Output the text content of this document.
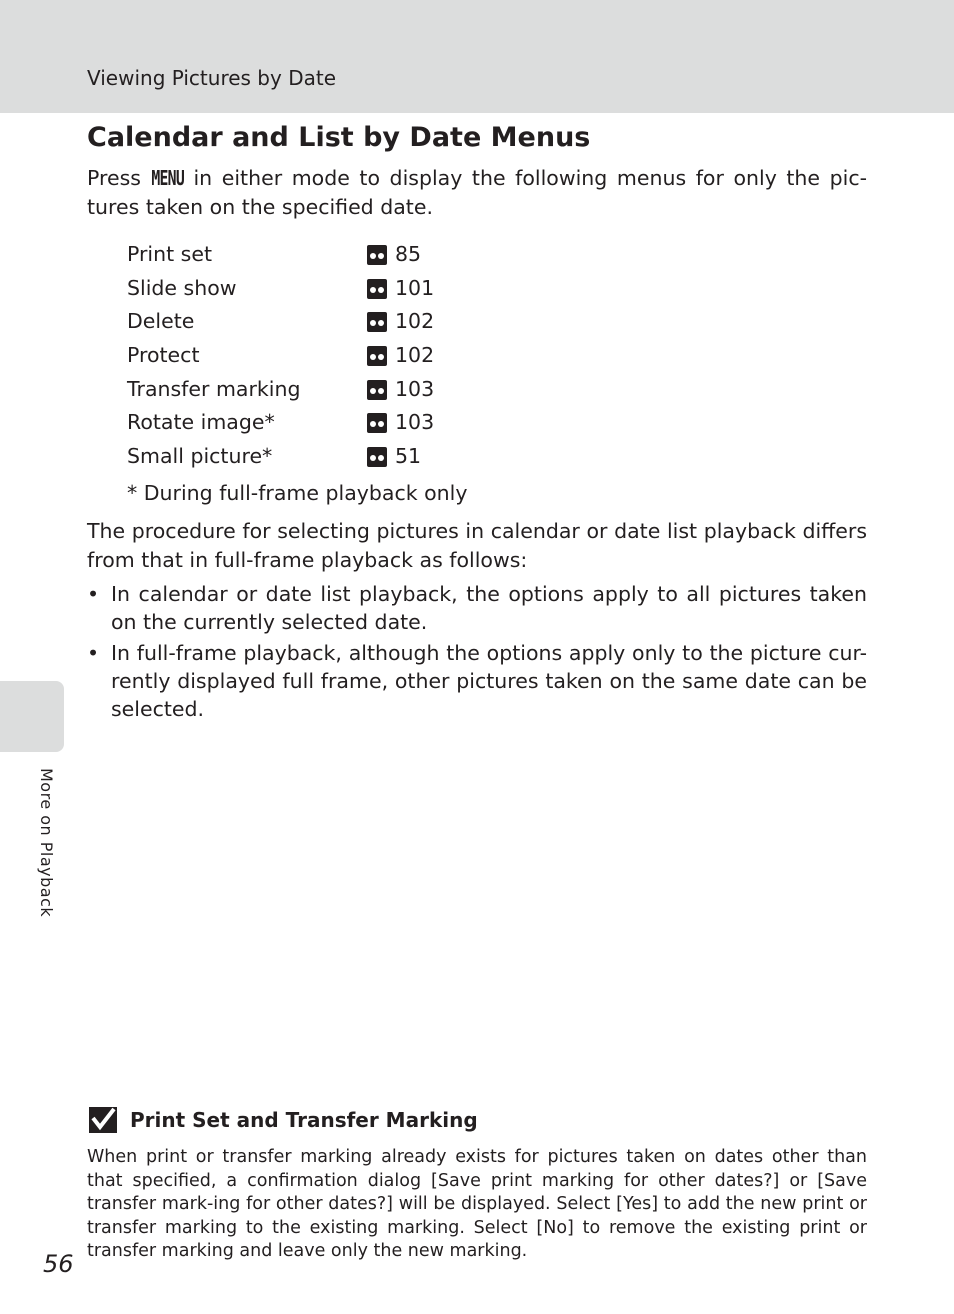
Viewing Pictures by Date
More on Playback
Calendar and List by Date Menus

Press MENU in either mode to display the following menus for only the pic-tures taken on the specified date.

Print set	85
Slide show	101
Delete	102
Protect	102
Transfer marking	103
Rotate image*	103
Small picture*	51
* During full-frame playback only

The procedure for selecting pictures in calendar or date list playback differs from that in full-frame playback as follows:

• In calendar or date list playback, the options apply to all pictures taken on the currently selected date.
• In full-frame playback, although the options apply only to the picture cur-rently displayed full frame, other pictures taken on the same date can be selected.
Print Set and Transfer Marking

When print or transfer marking already exists for pictures taken on dates other than that specified, a confirmation dialog [Save print marking for other dates?] or [Save transfer mark-ing for other dates?] will be displayed. Select [Yes] to add the new print or transfer marking to the existing marking. Select [No] to remove the existing print or transfer marking and leave only the new marking.

56
